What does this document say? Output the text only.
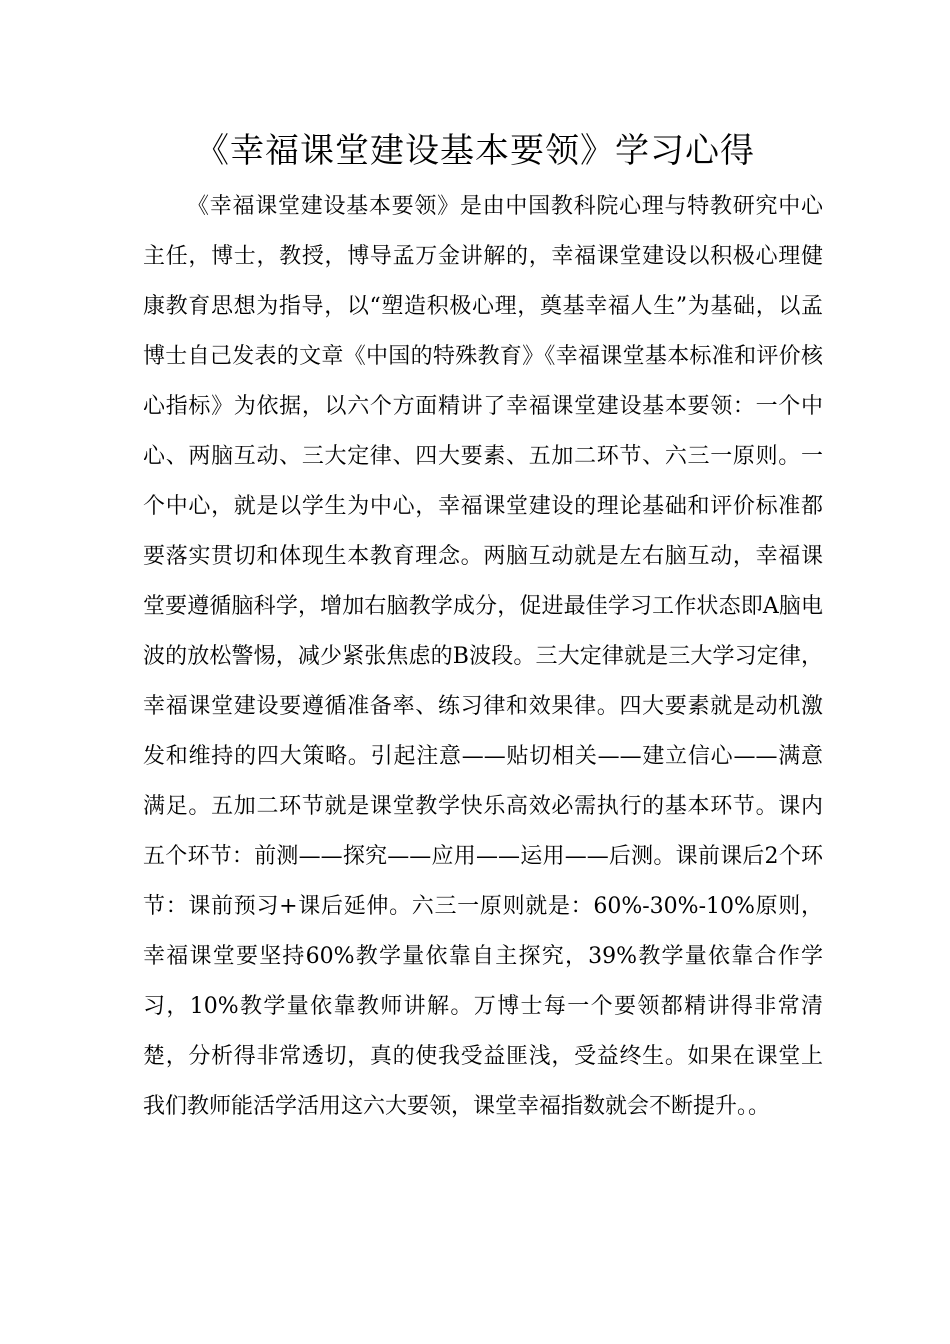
《幸福课堂建设基本要领》学习心得

《幸福课堂建设基本要领》是由中国教科院心理与特教研究中心主任，博士，教授，博导孟万金讲解的，幸福课堂建设以积极心理健康教育思想为指导，以“塑造积极心理，奠基幸福人生”为基础，以孟博士自己发表的文章《中国的特殊教育》《幸福课堂基本标准和评价核心指标》为依据，以六个方面精讲了幸福课堂建设基本要领：一个中心、两脑互动、三大定律、四大要素、五加二环节、六三一原则。一个中心，就是以学生为中心，幸福课堂建设的理论基础和评价标准都要落实贯切和体现生本教育理念。两脑互动就是左右脑互动，幸福课堂要遵循脑科学，增加右脑教学成分，促进最佳学习工作状态即A脑电波的放松警惕，减少紧张焦虑的B波段。三大定律就是三大学习定律，幸福课堂建设要遵循准备率、练习律和效果律。四大要素就是动机激发和维持的四大策略。引起注意——贴切相关——建立信心——满意满足。五加二环节就是课堂教学快乐高效必需执行的基本环节。课内五个环节：前测——探究——应用——运用——后测。课前课后2个环节：课前预习+课后延伸。六三一原则就是：60%-30%-10%原则，幸福课堂要坚持60%教学量依靠自主探究，39%教学量依靠合作学习，10%教学量依靠教师讲解。万博士每一个要领都精讲得非常清楚，分析得非常透切，真的使我受益匪浅，受益终生。如果在课堂上我们教师能活学活用这六大要领，课堂幸福指数就会不断提升。。
